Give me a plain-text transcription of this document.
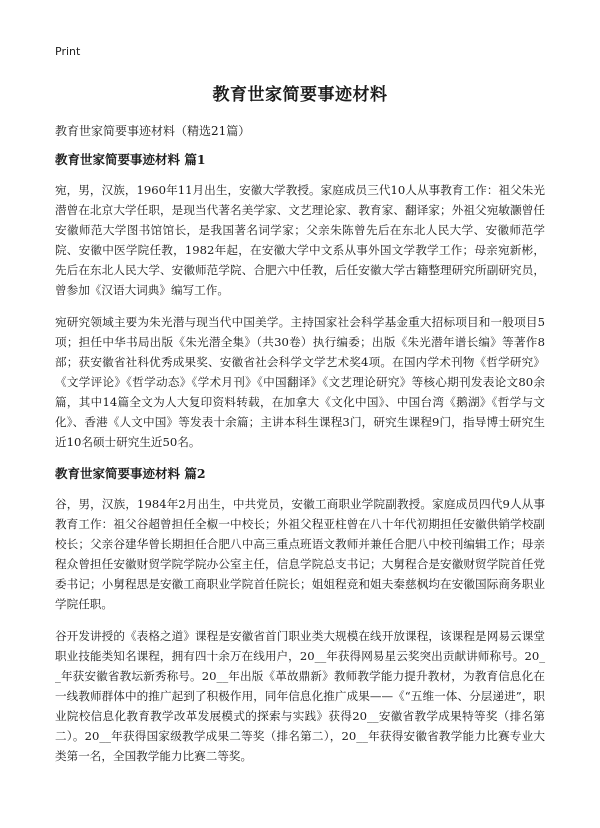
Print
教育世家简要事迹材料
教育世家简要事迹材料（精选21篇）
教育世家简要事迹材料 篇1

宛，男，汉族，1960年11月出生，安徽大学教授。家庭成员三代10人从事教育工作：祖父朱光潜曾在北京大学任职，是现当代著名美学家、文艺理论家、教育家、翻译家；外祖父宛敏灏曾任安徽师范大学图书馆馆长，是我国著名词学家；父亲朱陈曾先后在东北人民大学、安徽师范学院、安徽中医学院任教，1982年起，在安徽大学中文系从事外国文学教学工作；母亲宛新彬，先后在东北人民大学、安徽师范学院、合肥六中任教，后任安徽大学古籍整理研究所副研究员，曾参加《汉语大词典》编写工作。

宛研究领域主要为朱光潜与现当代中国美学。主持国家社会科学基金重大招标项目和一般项目5项；担任中华书局出版《朱光潜全集》（共30卷）执行编委；出版《朱光潜年谱长编》等著作8部；获安徽省社科优秀成果奖、安徽省社会科学文学艺术奖4项。在国内学术刊物《哲学研究》《文学评论》《哲学动态》《学术月刊》《中国翻译》《文艺理论研究》等核心期刊发表论文80余篇，其中14篇全文为人大复印资料转载，在加拿大《文化中国》、中国台湾《鹅湖》《哲学与文化》、香港《人文中国》等发表十余篇；主讲本科生课程3门，研究生课程9门，指导博士研究生近10名硕士研究生近50名。

教育世家简要事迹材料 篇2

谷，男，汉族，1984年2月出生，中共党员，安徽工商职业学院副教授。家庭成员四代9人从事教育工作：祖父谷超曾担任全椒一中校长；外祖父程亚柱曾在八十年代初期担任安徽供销学校副校长；父亲谷建华曾长期担任合肥八中高三重点班语文教师并兼任合肥八中校刊编辑工作；母亲程众曾担任安徽财贸学院学院办公室主任，信息学院总支书记；大舅程合是安徽财贸学院首任党委书记；小舅程思是安徽工商职业学院首任院长；姐姐程竞和姐夫秦慈枫均在安徽国际商务职业学院任职。

谷开发讲授的《表格之道》课程是安徽省首门职业类大规模在线开放课程，该课程是网易云课堂职业技能类知名课程，拥有四十余万在线用户，20__年获得网易星云奖突出贡献讲师称号。20__年获安徽省教坛新秀称号。20__年出版《革故鼎新》教师教学能力提升教材，为教育信息化在一线教师群体中的推广起到了积极作用，同年信息化推广成果——《“五维一体、分层递进”，职业院校信息化教育教学改革发展模式的探索与实践》获得20__安徽省教学成果特等奖（排名第二）。20__年获得国家级教学成果二等奖（排名第二），20__年获得安徽省教学能力比赛专业大类第一名，全国教学能力比赛二等奖。
